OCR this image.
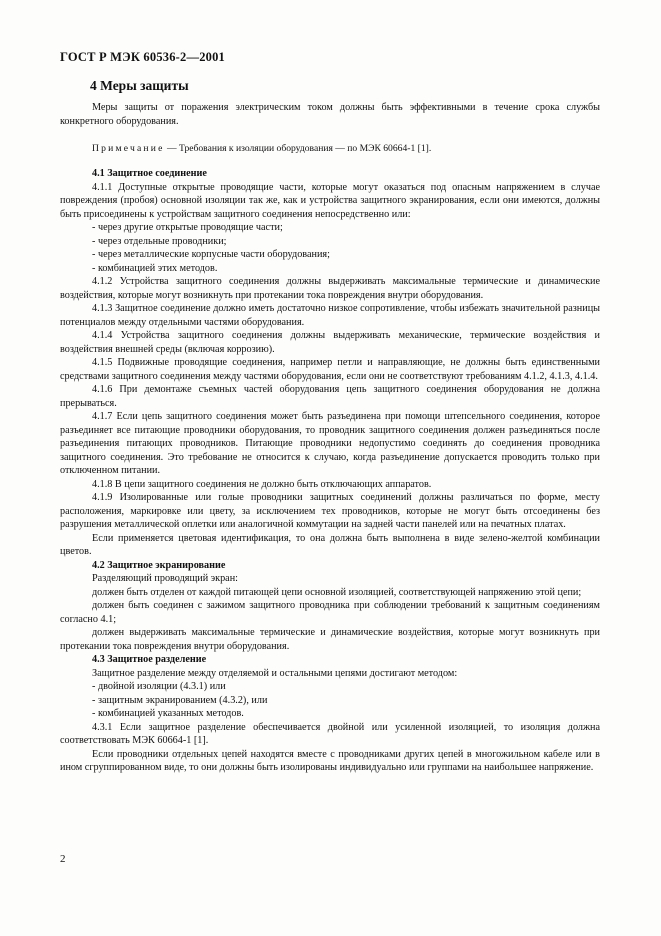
ГОСТ Р МЭК 60536-2—2001
4 Меры защиты

Меры защиты от поражения электрическим током должны быть эффективными в течение срока службы конкретного оборудования.

Примечание — Требования к изоляции оборудования — по МЭК 60664-1 [1].

4.1 Защитное соединение

4.1.1 Доступные открытые проводящие части, которые могут оказаться под опасным напряжением в случае повреждения (пробоя) основной изоляции так же, как и устройства защитного экранирования, если они имеются, должны быть присоединены к устройствам защитного соединения непосредственно или:

- через другие открытые проводящие части;

- через отдельные проводники;

- через металлические корпусные части оборудования;

- комбинацией этих методов.

4.1.2 Устройства защитного соединения должны выдерживать максимальные термические и динамические воздействия, которые могут возникнуть при протекании тока повреждения внутри оборудования.

4.1.3 Защитное соединение должно иметь достаточно низкое сопротивление, чтобы избежать значительной разницы потенциалов между отдельными частями оборудования.

4.1.4 Устройства защитного соединения должны выдерживать механические, термические воздействия и воздействия внешней среды (включая коррозию).

4.1.5 Подвижные проводящие соединения, например петли и направляющие, не должны быть единственными средствами защитного соединения между частями оборудования, если они не соответствуют требованиям 4.1.2, 4.1.3, 4.1.4.

4.1.6 При демонтаже съемных частей оборудования цепь защитного соединения оборудования не должна прерываться.

4.1.7 Если цепь защитного соединения может быть разъединена при помощи штепсельного соединения, которое разъединяет все питающие проводники оборудования, то проводник защитного соединения должен разъединяться после разъединения питающих проводников. Питающие проводники недопустимо соединять до соединения проводника защитного соединения. Это требование не относится к случаю, когда разъединение допускается проводить только при отключенном питании.

4.1.8 В цепи защитного соединения не должно быть отключающих аппаратов.

4.1.9 Изолированные или голые проводники защитных соединений должны различаться по форме, месту расположения, маркировке или цвету, за исключением тех проводников, которые не могут быть отсоединены без разрушения металлической оплетки или аналогичной коммутации на задней части панелей или на печатных платах.

Если применяется цветовая идентификация, то она должна быть выполнена в виде зелено-желтой комбинации цветов.

4.2 Защитное экранирование

Разделяющий проводящий экран:

должен быть отделен от каждой питающей цепи основной изоляцией, соответствующей напряжению этой цепи;

должен быть соединен с зажимом защитного проводника при соблюдении требований к защитным соединениям согласно 4.1;

должен выдерживать максимальные термические и динамические воздействия, которые могут возникнуть при протекании тока повреждения внутри оборудования.

4.3 Защитное разделение

Защитное разделение между отделяемой и остальными цепями достигают методом:

- двойной изоляции (4.3.1) или

- защитным экранированием (4.3.2), или

- комбинацией указанных методов.

4.3.1 Если защитное разделение обеспечивается двойной или усиленной изоляцией, то изоляция должна соответствовать МЭК 60664-1 [1].

Если проводники отдельных цепей находятся вместе с проводниками других цепей в многожильном кабеле или в ином сгруппированном виде, то они должны быть изолированы индивидуально или группами на наибольшее напряжение.

2
